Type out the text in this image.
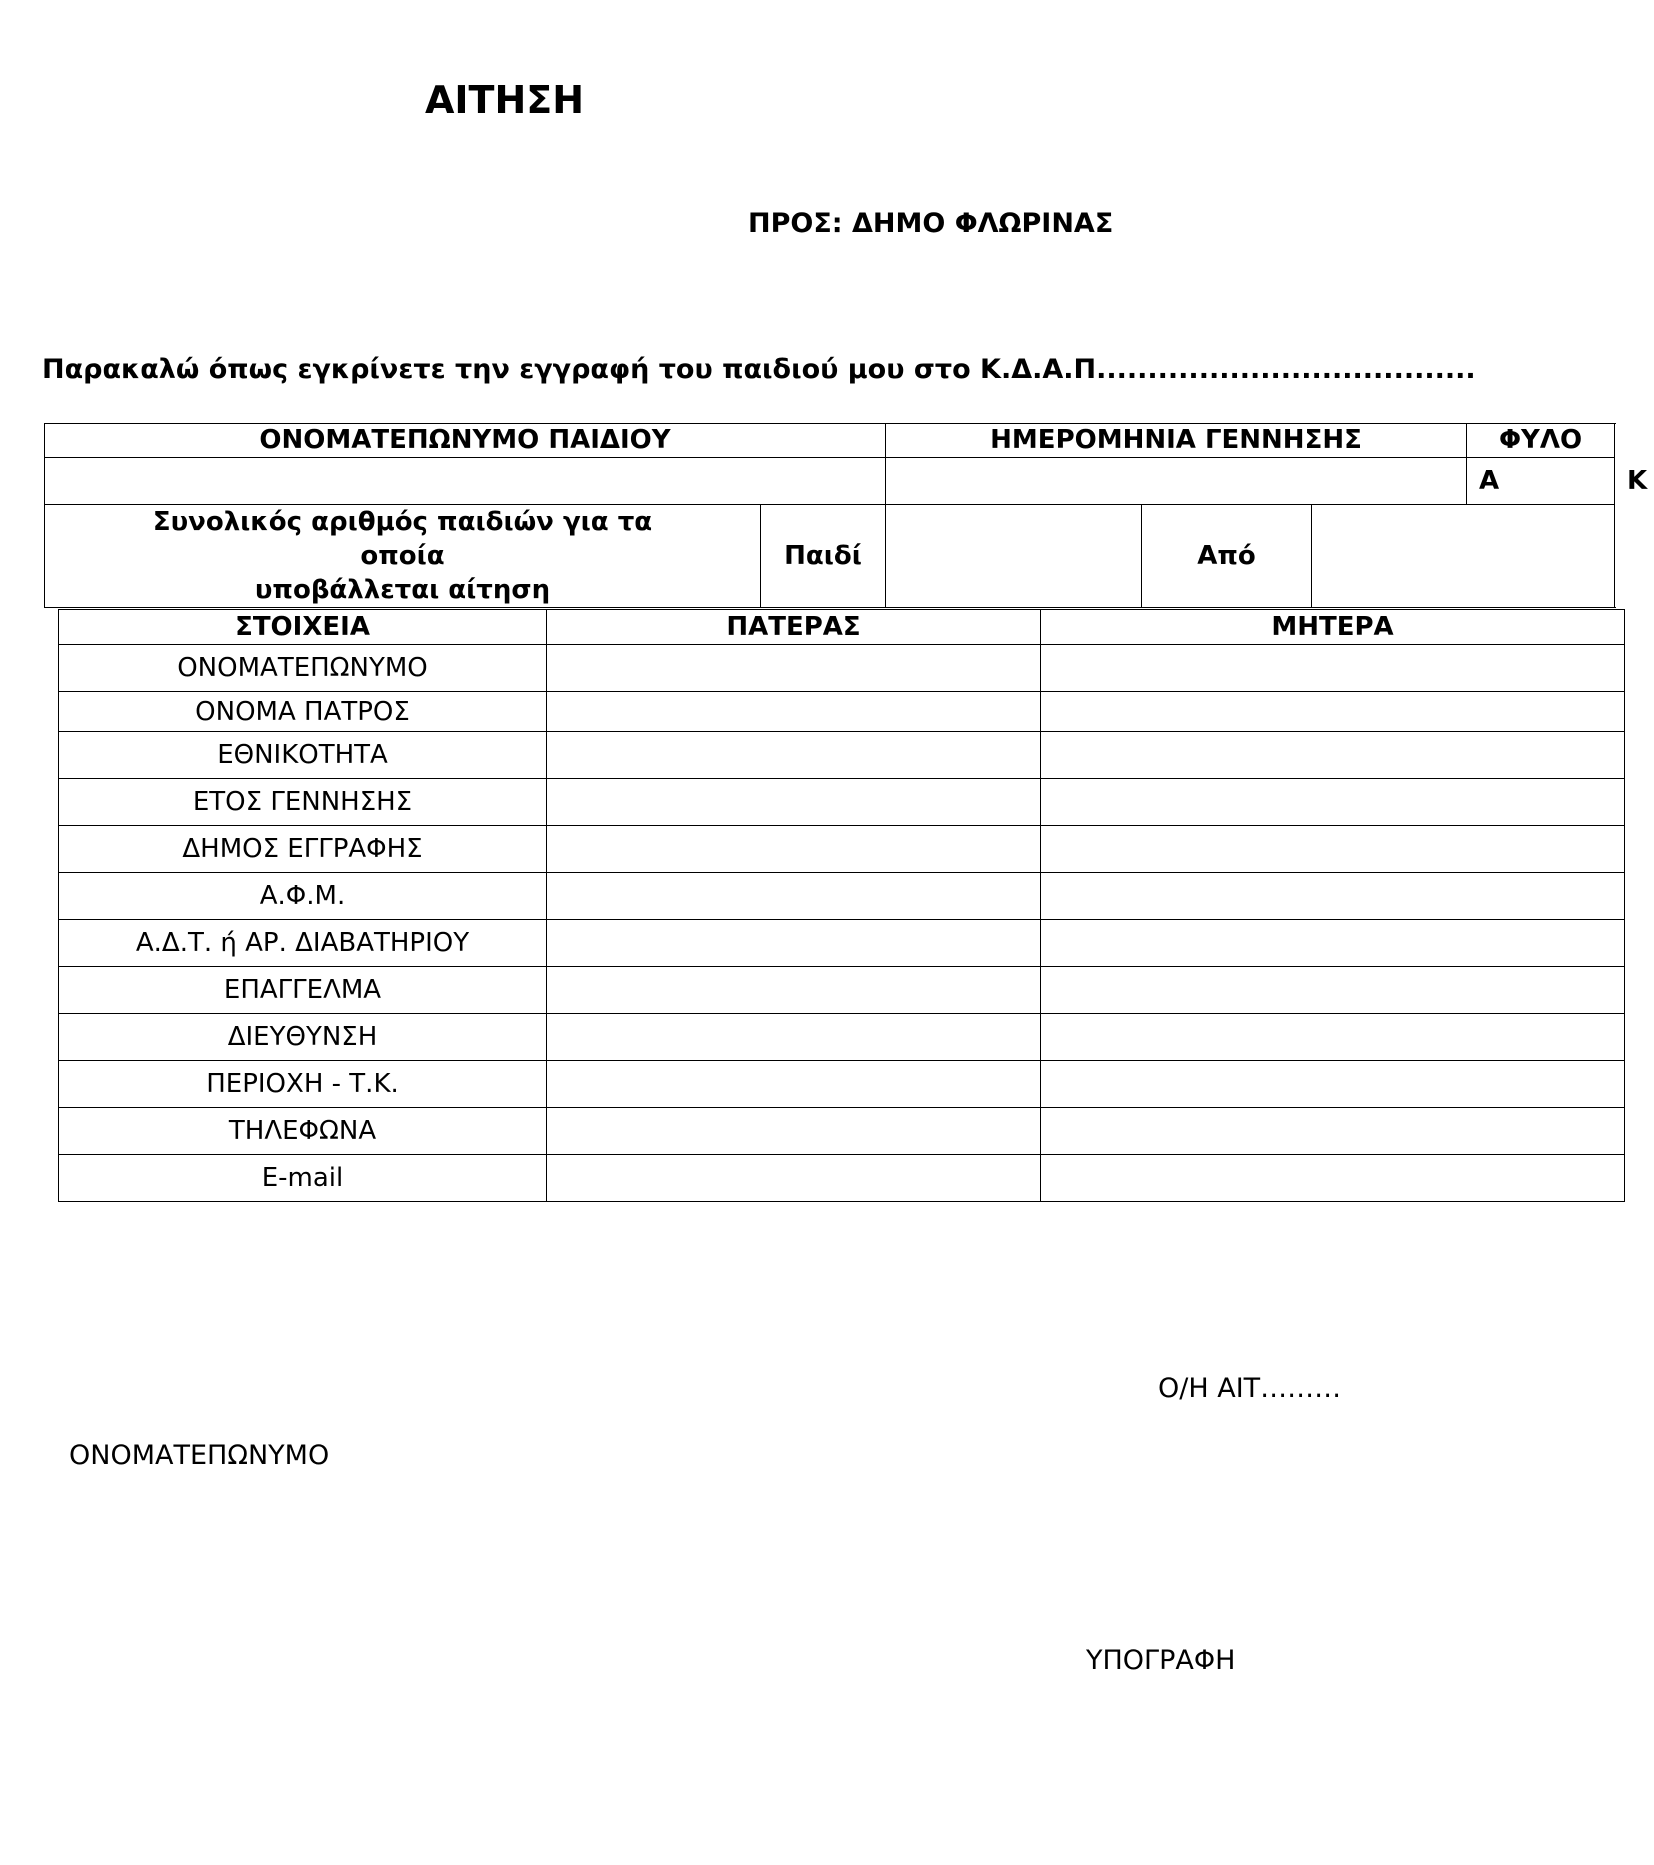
ΑΙΤΗΣΗ
ΠΡΟΣ: ΔΗΜΟ ΦΛΩΡΙΝΑΣ
Παρακαλώ όπως εγκρίνετε την εγγραφή του παιδιού μου στο Κ.Δ.Α.Π.....................................
ΟΝΟΜΑΤΕΠΩΝΥΜΟ ΠΑΙΔΙΟΥ		ΗΜΕΡΟΜΗΝΙΑ ΓΕΝΝΗΣΗΣ			ΦΥΛΟ	
					Α	Κ

Συνολικός αριθμός παιδιών για τα
οποία
υποβάλλεται αίτηση	Παιδί		Από			
ΣΤΟΙΧΕΙΑ	ΠΑΤΕΡΑΣ	ΜΗΤΕΡΑ
ΟΝΟΜΑΤΕΠΩΝΥΜΟ		
ΟΝΟΜΑ ΠΑΤΡΟΣ		
ΕΘΝΙΚΟΤΗΤΑ		
ΕΤΟΣ ΓΕΝΝΗΣΗΣ		
ΔΗΜΟΣ ΕΓΓΡΑΦΗΣ		
Α.Φ.Μ.		
Α.Δ.Τ. ή ΑΡ. ΔΙΑΒΑΤΗΡΙΟΥ		
ΕΠΑΓΓΕΛΜΑ		
ΔΙΕΥΘΥΝΣΗ		
ΠΕΡΙΟΧΗ - Τ.Κ.		
ΤΗΛΕΦΩΝΑ		
E-mail		
Ο/Η ΑΙΤ………
ΟΝΟΜΑΤΕΠΩΝΥΜΟ
ΥΠΟΓΡΑΦΗ
